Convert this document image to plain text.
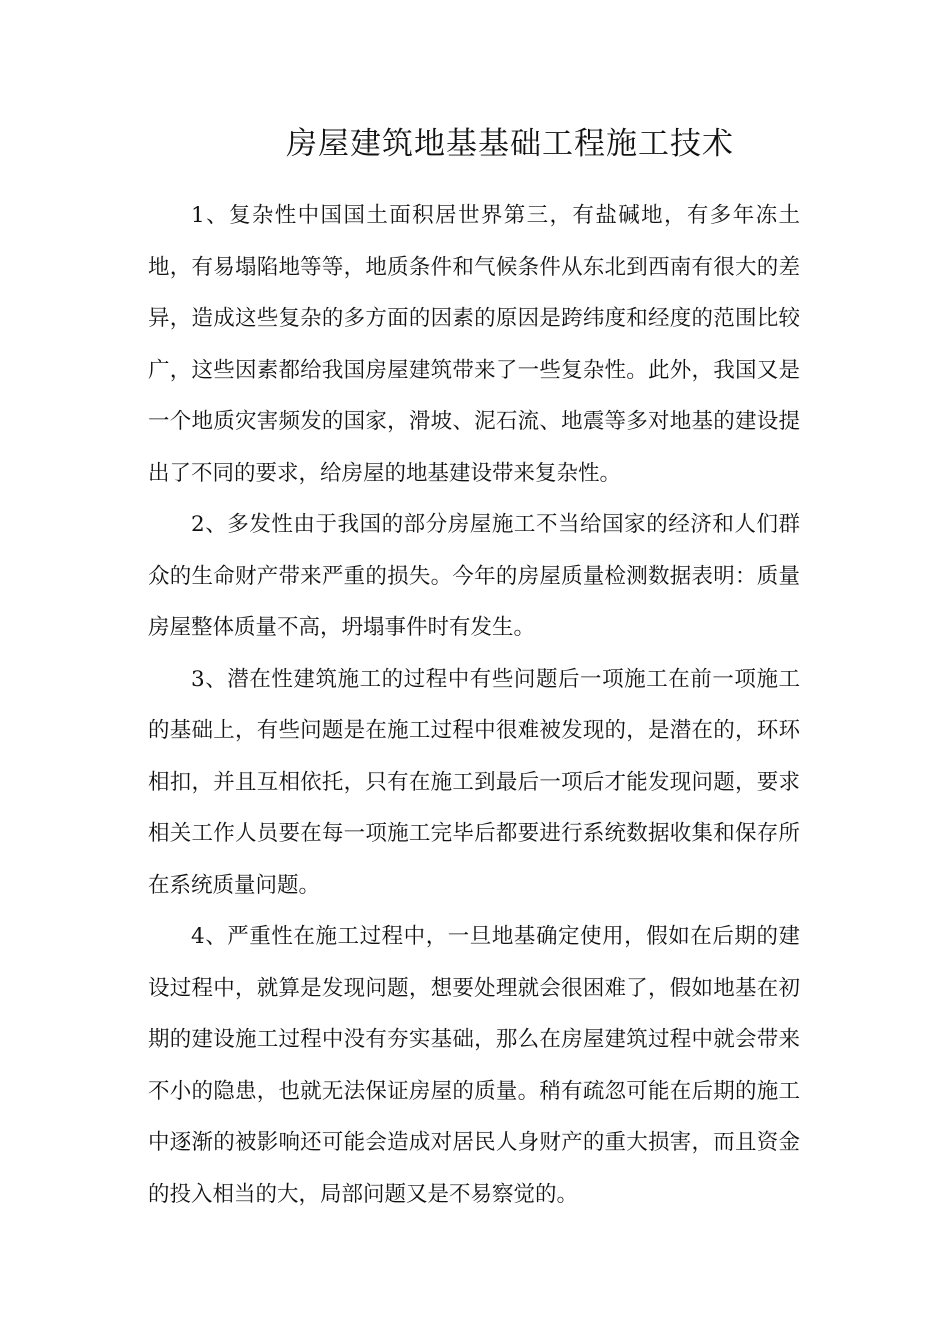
房屋建筑地基基础工程施工技术

1、复杂性中国国土面积居世界第三，有盐碱地，有多年冻土地，有易塌陷地等等，地质条件和气候条件从东北到西南有很大的差异，造成这些复杂的多方面的因素的原因是跨纬度和经度的范围比较广，这些因素都给我国房屋建筑带来了一些复杂性。此外，我国又是一个地质灾害频发的国家，滑坡、泥石流、地震等多对地基的建设提出了不同的要求，给房屋的地基建设带来复杂性。

2、多发性由于我国的部分房屋施工不当给国家的经济和人们群众的生命财产带来严重的损失。今年的房屋质量检测数据表明：质量房屋整体质量不高，坍塌事件时有发生。

3、潜在性建筑施工的过程中有些问题后一项施工在前一项施工的基础上，有些问题是在施工过程中很难被发现的，是潜在的，环环相扣，并且互相依托，只有在施工到最后一项后才能发现问题，要求相关工作人员要在每一项施工完毕后都要进行系统数据收集和保存所在系统质量问题。

4、严重性在施工过程中，一旦地基确定使用，假如在后期的建设过程中，就算是发现问题，想要处理就会很困难了，假如地基在初期的建设施工过程中没有夯实基础，那么在房屋建筑过程中就会带来不小的隐患，也就无法保证房屋的质量。稍有疏忽可能在后期的施工中逐渐的被影响还可能会造成对居民人身财产的重大损害，而且资金的投入相当的大，局部问题又是不易察觉的。
